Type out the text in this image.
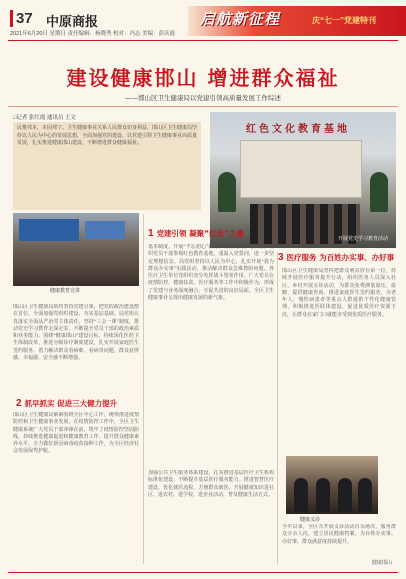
37 中原商报
2021年6月20日 星期日 责任编辑：杨晓秀 校对：冯志 美编：彭庆霞
启航新征程	庆“七一”党建特刊
建设健康邯山 增进群众福祉
——邯山区卫生健康局以党建引领高质量发展工作综述
□记者 张红霞 通讯员 王文
民惟邦本，本固邦宁。卫生健康事业关系人民群众切身利益，邯山区卫生健康局坚持以人民为中心的发展思想，全面加强党的建设，以党建引领卫生健康事业高质量发展，扎实推进健康邯山建设，不断增进群众健康福祉。
健康教育宣讲
红色文化教育基地
开展党史学习教育活动
1 党建引领 凝聚“红色”力量
2 抓早抓实 促进三大健力提升
3 医疗服务 为百姓办实事、办好事
邯山区卫生健康局始终坚持党建引领，把党的政治建设摆在首位，全面加强党组织建设，夯实基层基础。局党组认真落实全面从严治党主体责任，坚持“三会一课”制度，推动党史学习教育走深走实，不断提升党员干部的政治素质和业务能力。围绕“健康邯山”建设目标，持续深化医药卫生体制改革，推进分级诊疗制度建设，扎实开展家庭医生签约服务，着力解决群众看病难、看病贵问题，群众获得感、幸福感、安全感不断增强。
邯山区卫生健康局紧紧围绕全区中心工作，统筹推进疫情防控和卫生健康事业发展。在疫情防控工作中，全区卫生健康系统广大党员干部冲锋在前，筑牢了疫情防控坚固防线。持续推进健康促进和健康教育工作，提升群众健康素养水平，全力做好新冠病毒疫苗接种工作，为全区经济社会发展保驾护航。
基本制度，开展“不忘初心”教育。结合党史学习教育，组织党员干部参观红色教育基地，重温入党誓词，进一步坚定理想信念。局党组坚持以人民为中心，扎实开展“我为群众办实事”实践活动，推动解决群众急难愁盼问题。各医疗卫生单位党组织充分发挥战斗堡垒作用，广大党员在疫情防控、健康扶贫、医疗服务等工作中积极作为，形成了党建与业务深度融合、互促共进的良好局面。全区卫生健康事业呈现出健康发展的新气象。
加强公共卫生服务体系建设，扎实推进基层医疗卫生机构标准化建设，不断提升基层医疗服务能力。推进智慧医疗建设，优化就医流程，方便群众就医。开展健康知识进社区、进农村、进学校、进企业活动，普及健康生活方式。
邯山区卫生健康局坚持把群众利益放在第一位，持续开展医疗服务提升行动，组织医务人员深入社区、乡村开展义诊活动，为群众免费测量血压、血糖，提供健康咨询。推进家庭医生签约服务，为老年人、慢性病患者等重点人群提供个性化健康管理。积极推进医联体建设，促进优质医疗资源下沉，让群众在家门口就能享受到优质医疗服务。
健康义诊
今年以来，全区共开展义诊活动百余场次，服务群众万余人次，建立居民健康档案，为百姓办实事、办好事，群众满意度持续提升。
健康邯山
